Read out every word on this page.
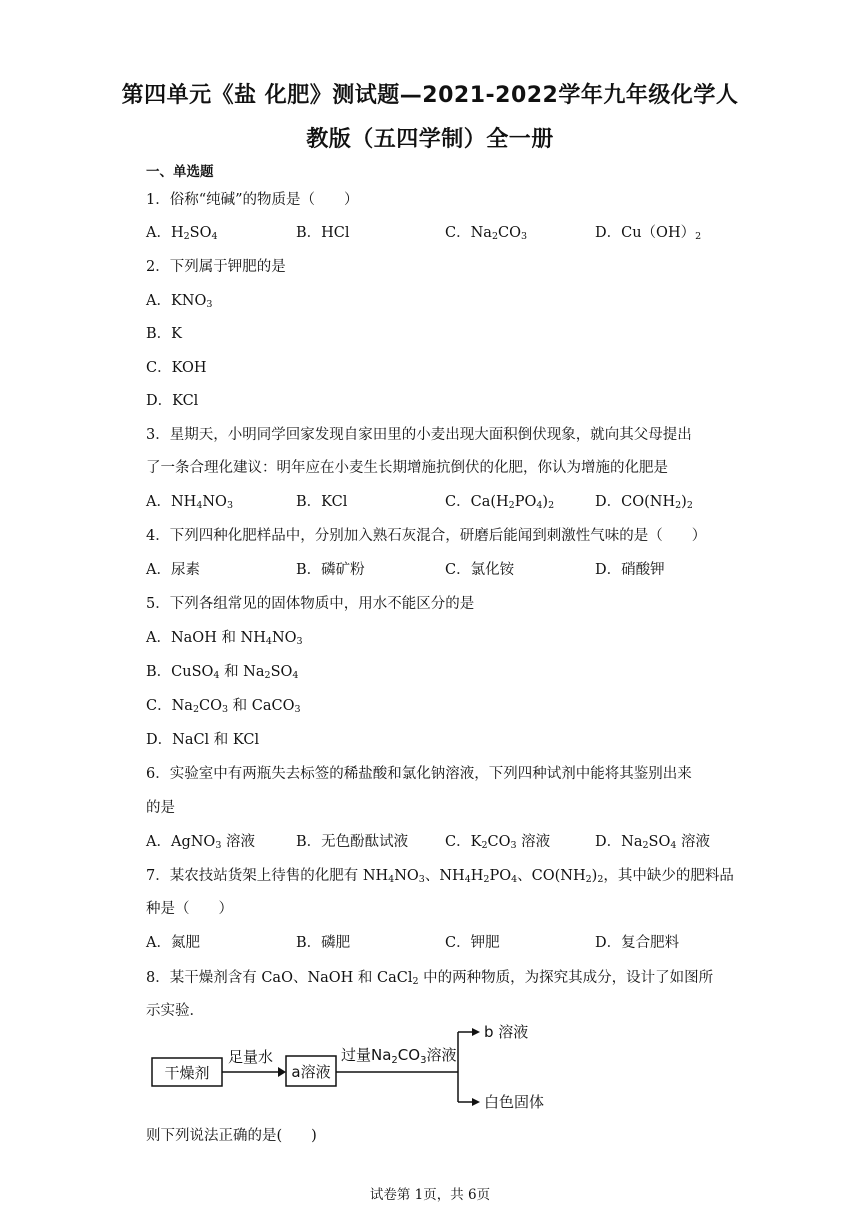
第四单元《盐 化肥》测试题—2021-2022学年九年级化学人
教版（五四学制）全一册
一、单选题
1．俗称“纯碱”的物质是（　　）
A．$H_2SO_4$	B．HCl	C．$Na_2CO_3$	D．$Cu(OH)_2$
2．下列属于钾肥的是
A．$KNO_3$
B．K
C．KOH
D．KCl
3．星期天，小明同学回家发现自家田里的小麦出现大面积倒伏现象，就向其父母提出
了一条合理化建议：明年应在小麦生长期增施抗倒伏的化肥，你认为增施的化肥是
A．$NH_4NO_3$	B．KCl	C．$Ca(H_2PO_4)_2$	D．$CO(NH_2)_2$
4．下列四种化肥样品中，分别加入熟石灰混合，研磨后能闻到刺激性气味的是（　　）
A．尿素	B．磷矿粉	C．氯化铵	D．硝酸钾
5．下列各组常见的固体物质中，用水不能区分的是
A．NaOH 和 $NH_4NO_3$
B．CuSO$_4$ 和 $Na_2SO_4$
C．$Na_2CO_3$ 和 CaCO$_3$
D．NaCl 和 KCl
6．实验室中有两瓶失去标签的稀盐酸和氯化钠溶液，下列四种试剂中能将其鉴别出来
的是
A．AgNO$_3$ 溶液	B．无色酚酞试液	C．$K_2CO_3$ 溶液	D．$Na_2SO_4$ 溶液
7．某农技站货架上待售的化肥有 $NH_4NO_3$、$NH_4H_2PO_4$、$CO(NH_2)_2$，其中缺少的肥料品
种是（　　）
A．氮肥	B．磷肥	C．钾肥	D．复合肥料
8．某干燥剂含有 CaO、NaOH 和 CaCl$_2$ 中的两种物质，为探究其成分，设计了如图所
示实验．
干燥剂
足量水
a溶液
过量$Na_2CO_3$溶液
b 溶液
白色固体
则下列说法正确的是(　　)
试卷第 1页，共 6页
